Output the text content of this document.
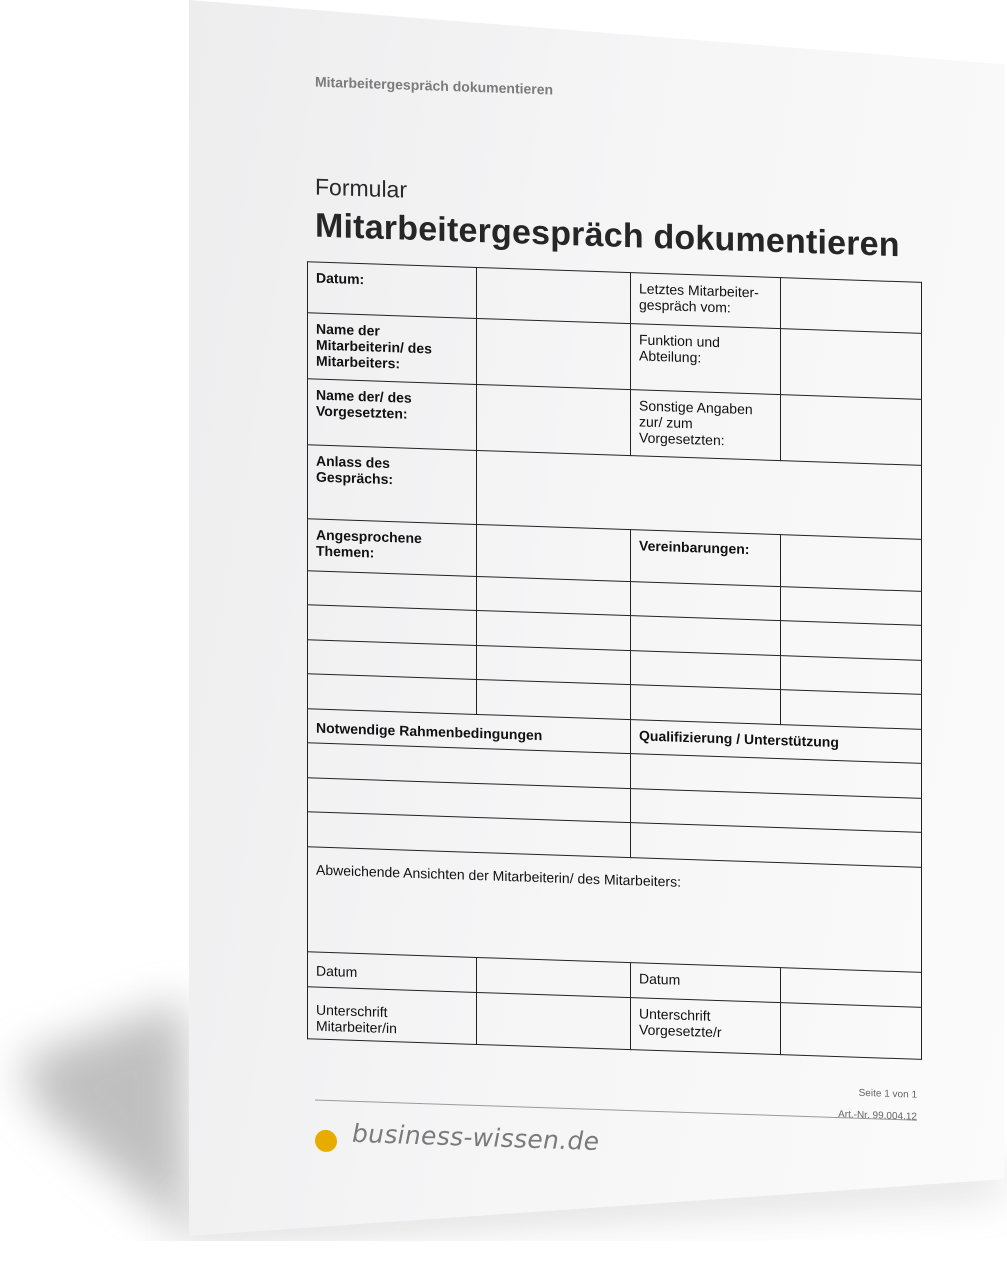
Mitarbeitergespräch dokumentieren
Formular
Mitarbeitergespräch dokumentieren
Datum:		Letztes Mitarbeiter-
gespräch vom:	
Name der
Mitarbeiterin/ des
Mitarbeiters:		Funktion und
Abteilung:	
Name der/ des
Vorgesetzten:		Sonstige Angaben
zur/ zum
Vorgesetzten:	
Anlass des
Gesprächs:			
Angesprochene
Themen:		Vereinbarungen:	

Notwendige Rahmenbedingungen		Qualifizierung / Unterstützung	

Abweichende Ansichten der Mitarbeiterin/ des Mitarbeiters:			
Datum		Datum	
Unterschrift
Mitarbeiter/in		Unterschrift
Vorgesetzte/r	
Seite 1 von 1
Art.-Nr. 99.004.12
business-wissen.de
